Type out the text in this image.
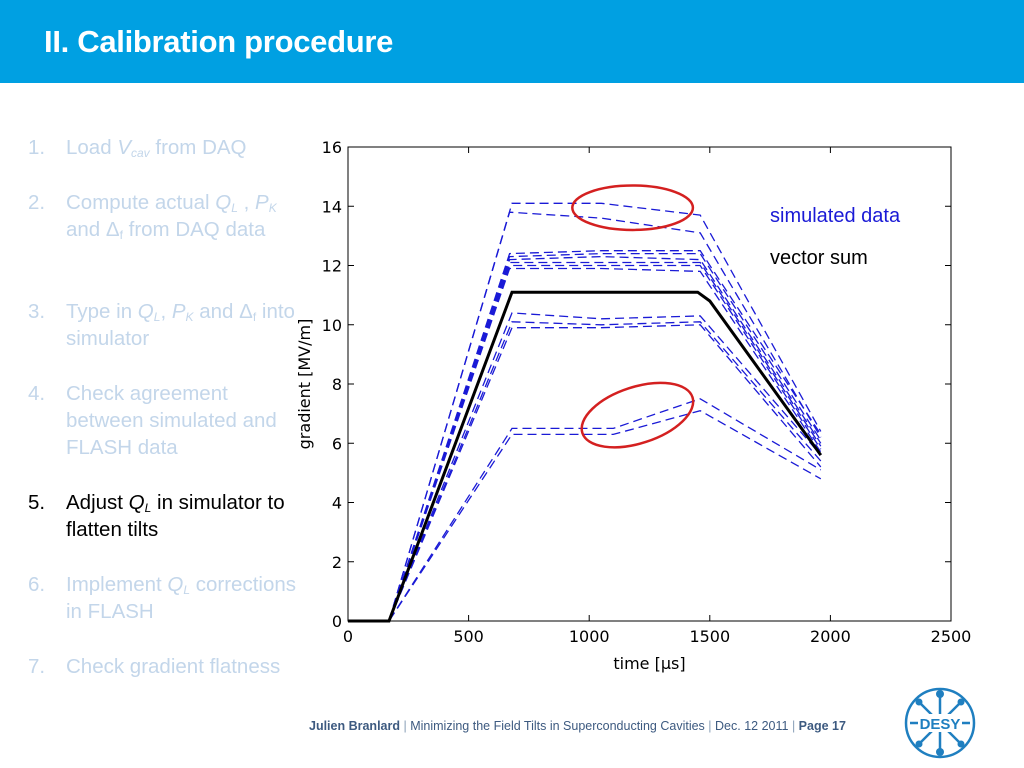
II. Calibration procedure
1. Load $V_{cav}$ from DAQ
2. Compute actual $Q_L$ , $P_K$ and $\Delta_f$ from DAQ data
3. Type in $Q_L$, $P_K$ and $\Delta_f$ into simulator
4. Check agreement between simulated and FLASH data
5. Adjust $Q_L$ in simulator to flatten tilts
6. Implement $Q_L$ corrections in FLASH
7. Check gradient flatness
0	500	1000	1500	2000	2500
0
2
4
6
8
10
12
14
16
time [µs]
gradient [MV/m]
simulated data
vector sum
Julien Branlard | Minimizing the Field Tilts in Superconducting Cavities | Dec. 12 2011 | Page 17	DESY
